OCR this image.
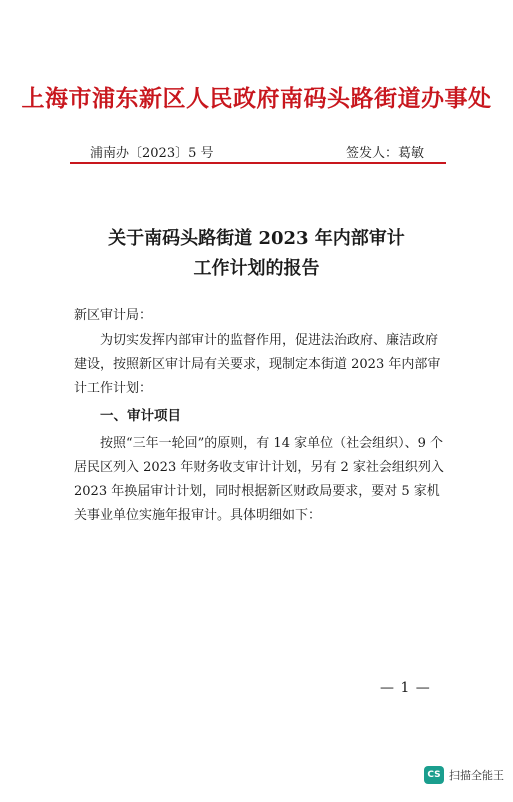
上海市浦东新区人民政府南码头路街道办事处
浦南办〔2023〕5 号	签发人：葛敏
关于南码头路街道 2023 年内部审计
工作计划的报告
新区审计局：
为切实发挥内部审计的监督作用，促进法治政府、廉洁政府建设，按照新区审计局有关要求，现制定本街道 2023 年内部审计工作计划：
一、审计项目
按照“三年一轮回”的原则，有 14 家单位（社会组织）、9 个居民区列入 2023 年财务收支审计计划，另有 2 家社会组织列入 2023 年换届审计计划，同时根据新区财政局要求，要对 5 家机关事业单位实施年报审计。具体明细如下：
— 1 —
CS 扫描全能王
